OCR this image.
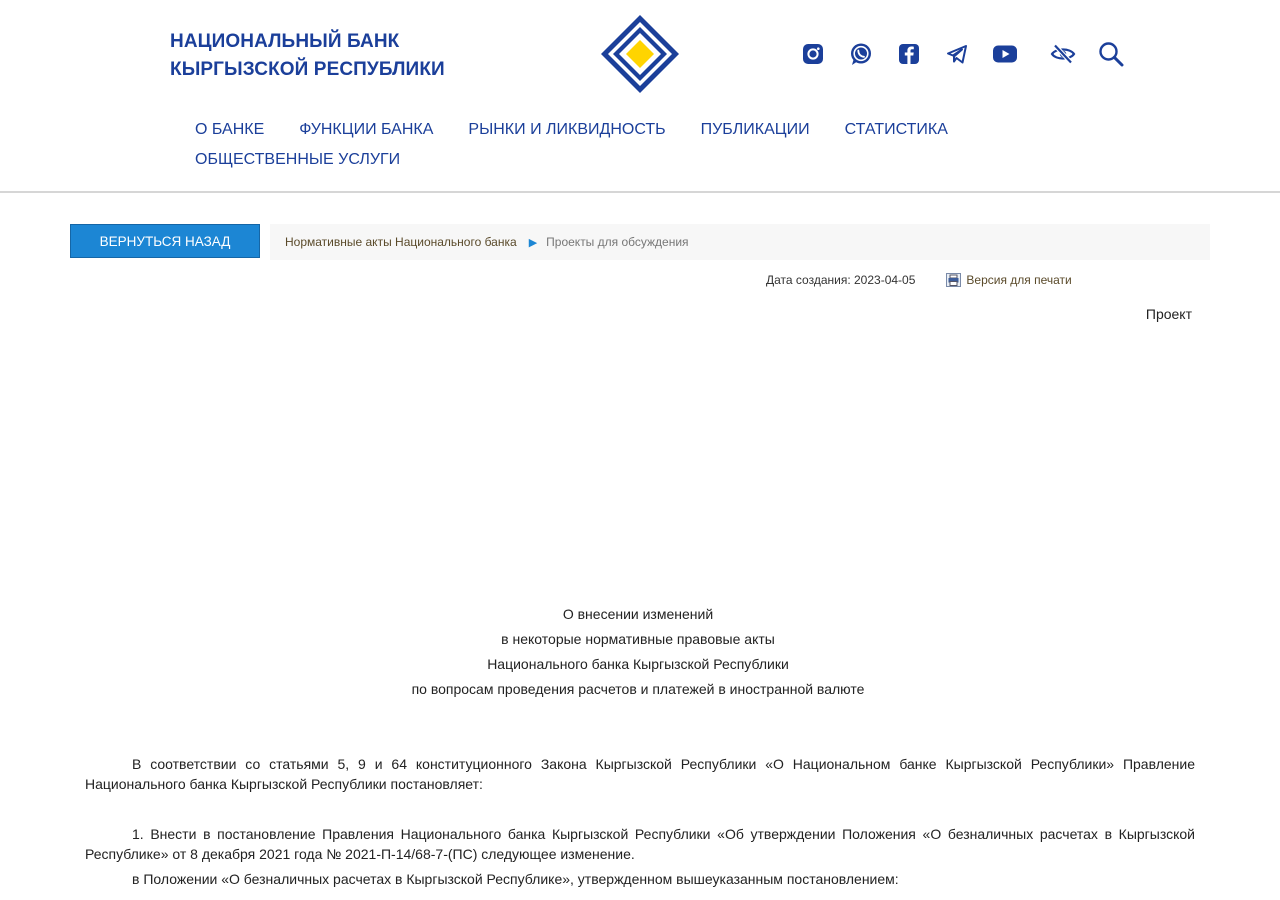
НАЦИОНАЛЬНЫЙ БАНК
КЫРГЫЗСКОЙ РЕСПУБЛИКИ
О БАНКЕ ФУНКЦИИ БАНКА РЫНКИ И ЛИКВИДНОСТЬ ПУБЛИКАЦИИ СТАТИСТИКА
ОБЩЕСТВЕННЫЕ УСЛУГИ
ВЕРНУТЬСЯ НАЗАД	Нормативные акты Национального банка ▶ Проекты для обсуждения
Дата создания:
2023-04-05	Версия для печати
Проект
О внесении изменений
в некоторые нормативные правовые акты
Национального банка Кыргызской Республики
по вопросам проведения расчетов и платежей в иностранной валюте
В соответствии со статьями 5, 9 и 64 конституционного Закона Кыргызской Республики «О Национальном банке Кыргызской Республики» Правление Национального банка Кыргызской Республики постановляет:
1. Внести в постановление Правления Национального банка Кыргызской Республики «Об утверждении Положения «О безналичных расчетах в Кыргызской Республике» от 8 декабря 2021 года № 2021-П-14/68-7-(ПС) следующее изменение.
в Положении «О безналичных расчетах в Кыргызской Республике», утвержденном вышеуказанным постановлением:
